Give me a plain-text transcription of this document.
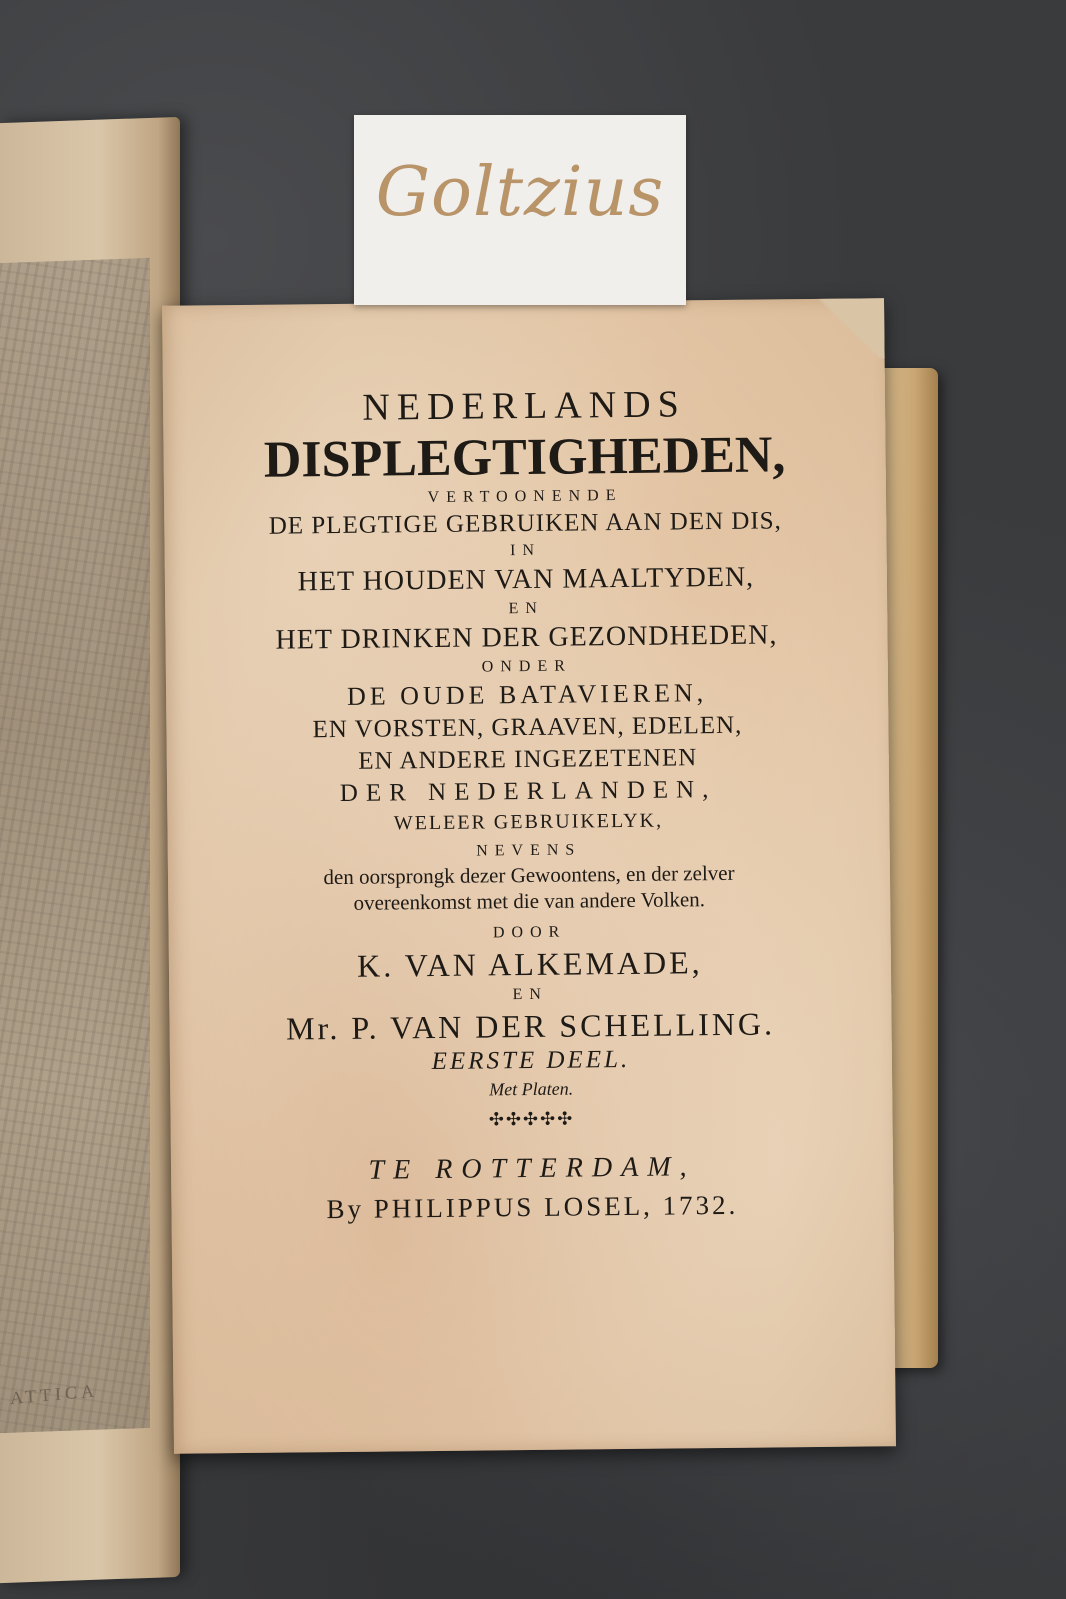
ATTICA
NEDERLANDS
DISPLEGTIGHEDEN,
VERTOONENDE
DE PLEGTIGE GEBRUIKEN AAN DEN DIS,
IN
HET HOUDEN VAN MAALTYDEN,
EN
HET DRINKEN DER GEZONDHEDEN,
ONDER
DE OUDE BATAVIEREN,
EN VORSTEN, GRAAVEN, EDELEN,
EN ANDERE INGEZETENEN
DER NEDERLANDEN,
WELEER GEBRUIKELYK,
NEVENS
den oorsprongk dezer Gewoontens, en der zelver
overeenkomst met die van andere Volken.
DOOR
K. VAN ALKEMADE,
EN
Mr. P. VAN DER SCHELLING.
EERSTE DEEL.
Met Platen.
✣✣✣✣✣
TE ROTTERDAM,
By PHILIPPUS LOSEL, 1732.
Goltzius
